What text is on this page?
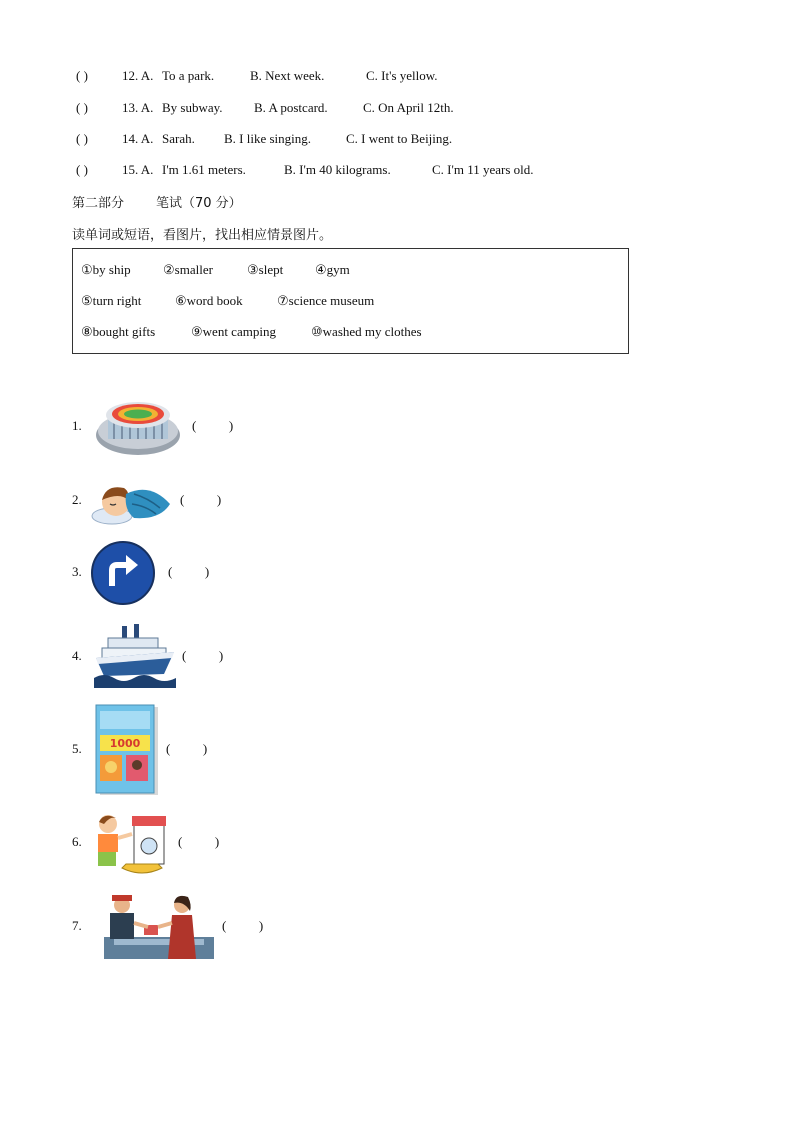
( )	12. A. To a park.	B. Next week.	C. It's yellow.
( )	13. A. By subway. B. A postcard.	C. On April 12th.
( )	14. A. Sarah. B. I like singing.	C. I went to Beijing.
( )	15. A. I'm 1.61 meters.	B. I'm 40 kilograms.	C. I'm 11 years old.
第二部分 笔试（70 分）
读单词或短语，看图片，找出相应情景图片。
①by ship ②smaller	③slept ④gym
⑤turn right	⑥word book	⑦science museum
⑧bought gifts	⑨went camping	⑩washed my clothes
1.	(          )
2.	(          )
3.	(          )
4.	(          )
5.	1000 (          )
6.	(          )
7.	(          )
